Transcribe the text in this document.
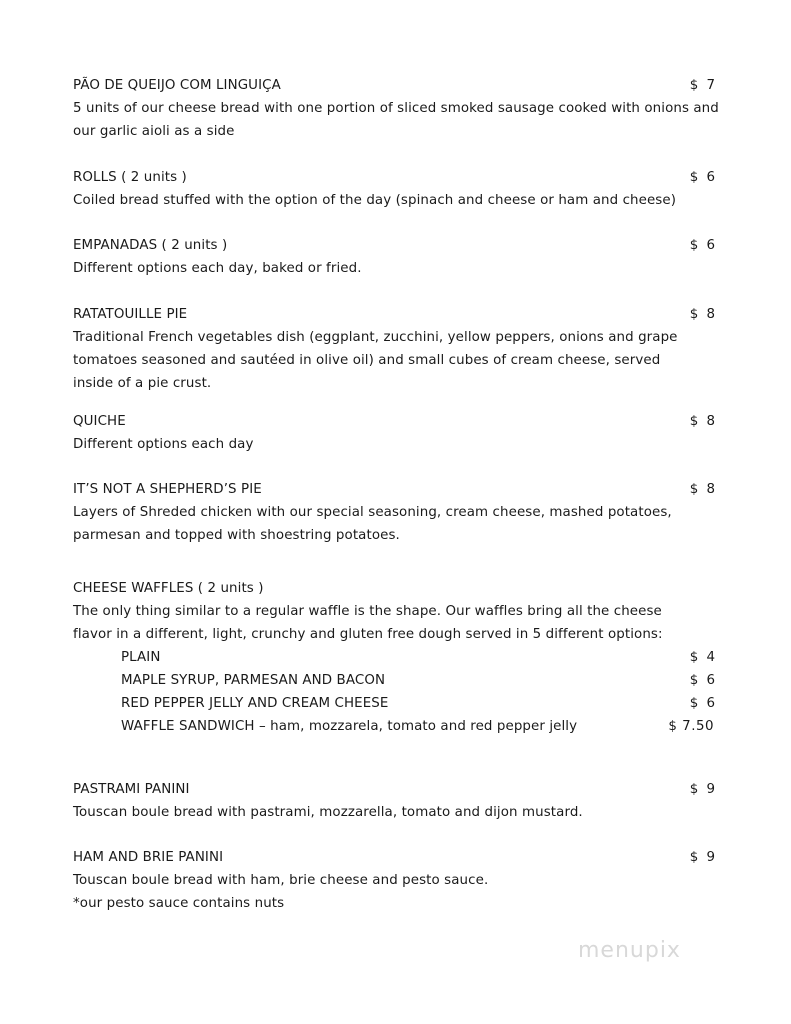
PÃO DE QUEIJO COM LINGUIÇA	$ 7
5 units of our cheese bread with one portion of sliced smoked sausage cooked with onions and
our garlic aioli as a side
ROLLS ( 2 units )	$ 6
Coiled bread stuffed with the option of the day (spinach and cheese or ham and cheese)
EMPANADAS ( 2 units )	$ 6
Different options each day, baked or fried.
RATATOUILLE PIE	$ 8
Traditional French vegetables dish (eggplant, zucchini, yellow peppers, onions and grape
tomatoes seasoned and sautéed in olive oil) and small cubes of cream cheese, served
inside of a pie crust.
QUICHE	$ 8
Different options each day
IT’S NOT A SHEPHERD’S PIE	$ 8
Layers of Shreded chicken with our special seasoning, cream cheese, mashed potatoes,
parmesan and topped with shoestring potatoes.
CHEESE WAFFLES ( 2 units )
The only thing similar to a regular waffle is the shape. Our waffles bring all the cheese
flavor in a different, light, crunchy and gluten free dough served in 5 different options:
PLAIN	$ 4
MAPLE SYRUP, PARMESAN AND BACON	$ 6
RED PEPPER JELLY AND CREAM CHEESE	$ 6
WAFFLE SANDWICH – ham, mozzarela, tomato and red pepper jelly	$ 7.50
PASTRAMI PANINI	$ 9
Touscan boule bread with pastrami, mozzarella, tomato and dijon mustard.
HAM AND BRIE PANINI	$ 9
Touscan boule bread with ham, brie cheese and pesto sauce.
*our pesto sauce contains nuts
menupix
